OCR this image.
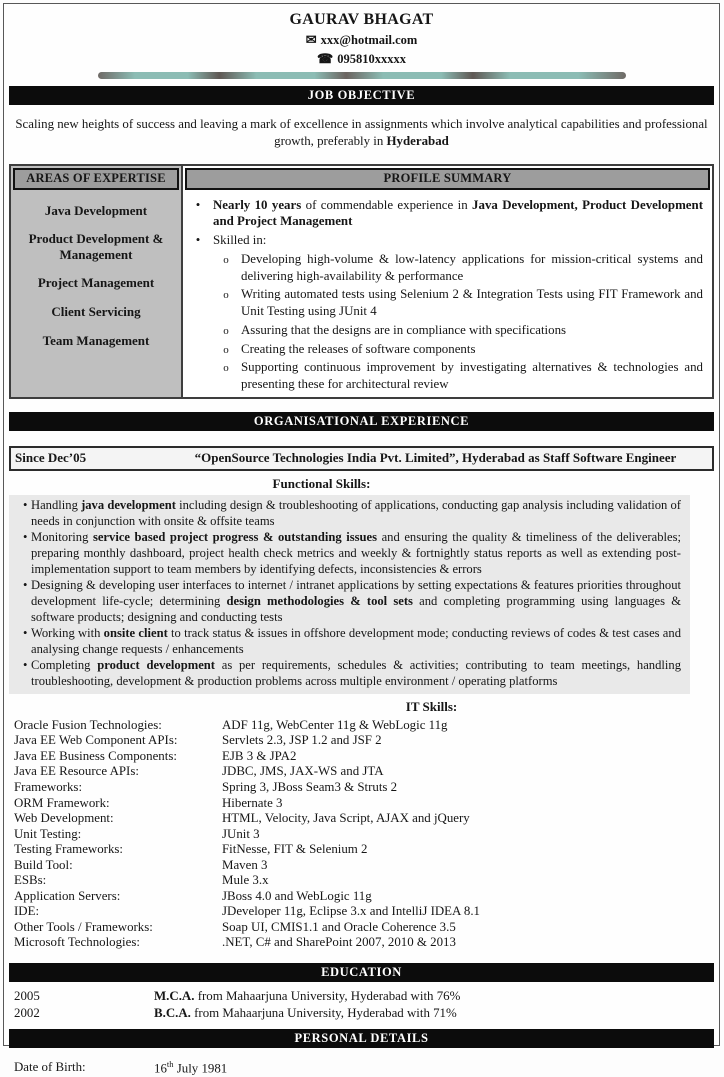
GAURAV BHAGAT
✉ xxx@hotmail.com
☎ 095810xxxxx
JOB OBJECTIVE
Scaling new heights of success and leaving a mark of excellence in assignments which involve analytical capabilities and professional growth, preferably in Hyderabad
AREAS OF EXPERTISE
Java Development
Product Development & Management
Project Management
Client Servicing
Team Management
PROFILE SUMMARY
•
Nearly 10 years of commendable experience in Java Development, Product Development and Project Management
•
Skilled in:
o
Developing high-volume & low-latency applications for mission-critical systems and delivering high-availability & performance
o
Writing automated tests using Selenium 2 & Integration Tests using FIT Framework and Unit Testing using JUnit 4
o
Assuring that the designs are in compliance with specifications
o
Creating the releases of software components
o
Supporting continuous improvement by investigating alternatives & technologies and presenting these for architectural review
ORGANISATIONAL EXPERIENCE
Since Dec’05	“OpenSource Technologies India Pvt. Limited”, Hyderabad as Staff Software Engineer
Functional Skills:
•
Handling java development including design & troubleshooting of applications, conducting gap analysis including validation of needs in conjunction with onsite & offsite teams
•
Monitoring service based project progress & outstanding issues and ensuring the quality & timeliness of the deliverables; preparing monthly dashboard, project health check metrics and weekly & fortnightly status reports as well as extending post-implementation support to team members by identifying defects, inconsistencies & errors
•
Designing & developing user interfaces to internet / intranet applications by setting expectations & features priorities throughout development life-cycle; determining design methodologies & tool sets and completing programming using languages & software products; designing and conducting tests
•
Working with onsite client to track status & issues in offshore development mode; conducting reviews of codes & test cases and analysing change requests / enhancements
•
Completing product development as per requirements, schedules & activities; contributing to team meetings, handling troubleshooting, development & production problems across multiple environment / operating platforms
IT Skills:
Oracle Fusion Technologies:	ADF 11g, WebCenter 11g & WebLogic 11g
Java EE Web Component APIs:	Servlets 2.3, JSP 1.2 and JSF 2
Java EE Business Components:	EJB 3 & JPA2
Java EE Resource APIs:	JDBC, JMS, JAX-WS and JTA
Frameworks:	Spring 3, JBoss Seam3 & Struts 2
ORM Framework:	Hibernate 3
Web Development:	HTML, Velocity, Java Script, AJAX and jQuery
Unit Testing:	JUnit 3
Testing Frameworks:	FitNesse, FIT & Selenium 2
Build Tool:	Maven 3
ESBs:	Mule 3.x
Application Servers:	JBoss 4.0 and WebLogic 11g
IDE:	JDeveloper 11g, Eclipse 3.x and IntelliJ IDEA 8.1
Other Tools / Frameworks:	Soap UI, CMIS1.1 and Oracle Coherence 3.5
Microsoft Technologies:	.NET, C# and SharePoint 2007, 2010 & 2013
EDUCATION
2005	M.C.A. from Mahaarjuna University, Hyderabad with 76%
2002	B.C.A. from Mahaarjuna University, Hyderabad with 71%
PERSONAL DETAILS
Date of Birth:	16th July 1981
